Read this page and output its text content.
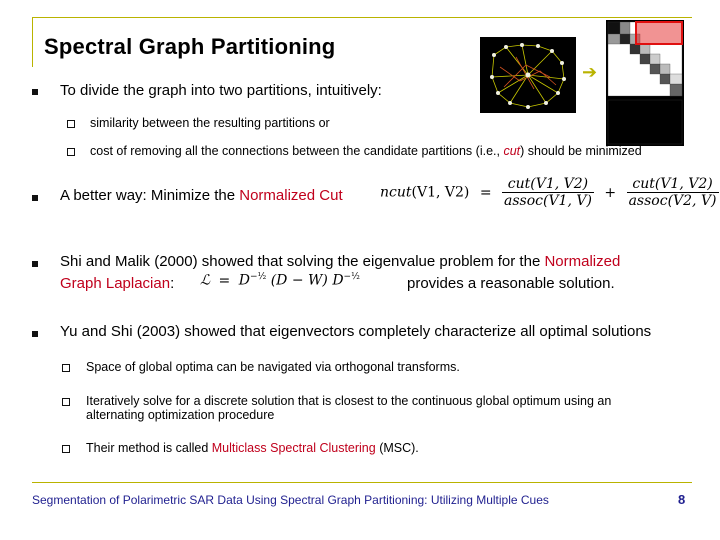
Spectral Graph Partitioning
➔
To divide the graph into two partitions, intuitively:
similarity between the resulting partitions or
cost of removing all the connections between the candidate partitions (i.e., cut) should be minimized
A better way: Minimize the Normalized Cut	ncut(V1, $V2) = \frac{\text{cut(V1, V2)}}{\text{assoc(V1, V)}} + \frac{\text{cut(V1, V2)}}{\text{assoc(V2, V)}}$
Shi and Malik (2000) showed that solving the eigenvalue problem for the Normalized
Graph Laplacian: ℒ = $D^{-\frac{1}{2}}$ (D − W) $D^{-\frac{1}{2}}$	provides a reasonable solution.
Yu and Shi (2003) showed that eigenvectors completely characterize all optimal solutions
Space of global optima can be navigated via orthogonal transforms.
Iteratively solve for a discrete solution that is closest to the continuous global optimum using an
alternating optimization procedure
Their method is called Multiclass Spectral Clustering (MSC).
Segmentation of Polarimetric SAR Data Using Spectral Graph Partitioning: Utilizing Multiple Cues	8
